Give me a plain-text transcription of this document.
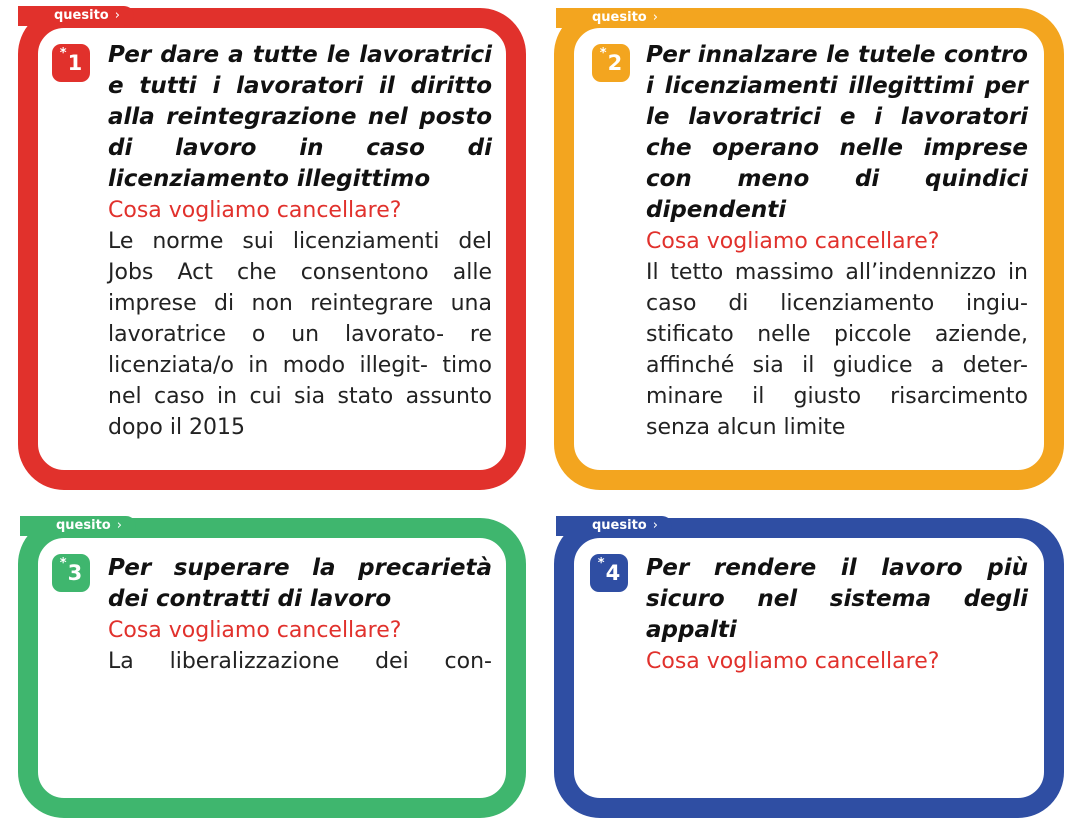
quesito ›
*1	Per dare a tutte le lavoratrici e tutti i lavoratori il diritto alla reintegrazione nel posto di lavoro in caso di licenziamento illegittimo

Cosa vogliamo cancellare?

Le norme sui licenziamenti del Jobs Act che consentono alle imprese di non reintegrare una lavoratrice o un lavorato- re licenziata/o in modo illegit- timo nel caso in cui sia stato assunto dopo il 2015

quesito ›
*2	Per innalzare le tutele contro i licenziamenti illegittimi per le lavoratrici e i lavoratori che operano nelle imprese con meno di quindici dipendenti

Cosa vogliamo cancellare?

Il tetto massimo all’indennizzo in caso di licenziamento ingiu- stificato nelle piccole aziende, affinché sia il giudice a deter- minare il giusto risarcimento senza alcun limite

quesito ›
*3	Per superare la precarietà dei contratti di lavoro

Cosa vogliamo cancellare?

La liberalizzazione dei con-

quesito ›
*4	Per rendere il lavoro più sicuro nel sistema degli appalti

Cosa vogliamo cancellare?
